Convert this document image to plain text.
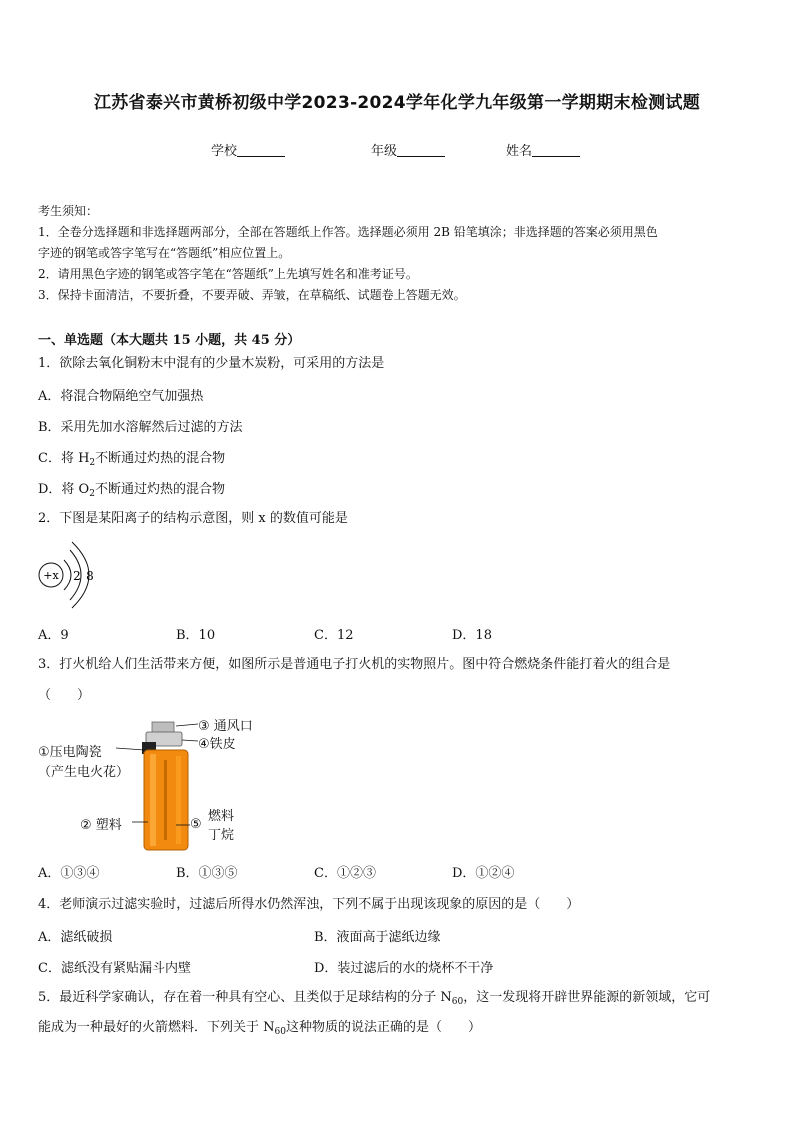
江苏省泰兴市黄桥初级中学2023-2024学年化学九年级第一学期期末检测试题
学校	年级	姓名
考生须知：
1．全卷分选择题和非选择题两部分，全部在答题纸上作答。选择题必须用 2B 铅笔填涂；非选择题的答案必须用黑色
字迹的钢笔或答字笔写在“答题纸”相应位置上。
2．请用黑色字迹的钢笔或答字笔在“答题纸”上先填写姓名和准考证号。
3．保持卡面清洁，不要折叠，不要弄破、弄皱，在草稿纸、试题卷上答题无效。
一、单选题（本大题共 15 小题，共 45 分）
1．欲除去氧化铜粉末中混有的少量木炭粉，可采用的方法是
A．将混合物隔绝空气加强热
B．采用先加水溶解然后过滤的方法
C．将 $H_2$不断通过灼热的混合物
D．将 $O_2$不断通过灼热的混合物
2．下图是某阳离子的结构示意图，则 x 的数值可能是
+x 2 8
A．9	B．10	C．12	D．18
3．打火机给人们生活带来方便，如图所示是普通电子打火机的实物照片。图中符合燃烧条件能打着火的组合是
（　　）
③ 通风口
④铁皮
①压电陶瓷
（产生电火花）
② 塑料
燃料
⑤
丁烷
A．①③④	B．①③⑤	C．①②③	D．①②④
4．老师演示过滤实验时，过滤后所得水仍然浑浊，下列不属于出现该现象的原因的是（　　）
A．滤纸破损	B．液面高于滤纸边缘
C．滤纸没有紧贴漏斗内壁	D．装过滤后的水的烧杯不干净
5．最近科学家确认，存在着一种具有空心、且类似于足球结构的分子 $N_{60}$，这一发现将开辟世界能源的新领域，它可
能成为一种最好的火箭燃料．下列关于 $N_{60}$这种物质的说法正确的是（　　）
